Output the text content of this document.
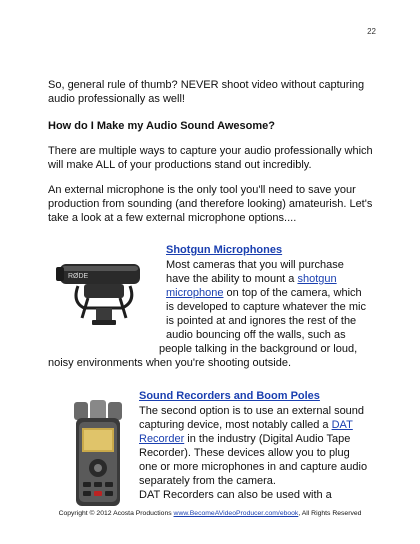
22

So, general rule of thumb? NEVER shoot video without capturing audio professionally as well!

How do I Make my Audio Sound Awesome?

There are multiple ways to capture your audio professionally which will make ALL of your productions stand out incredibly.

An external microphone is the only tool you'll need to save your production from sounding (and therefore looking) amateurish. Let's take a look at a few external microphone options....

RØDE
Shotgun Microphones

Most cameras that you will purchase

have the ability to mount a shotgun

microphone on top of the camera, which

is developed to capture whatever the mic

is pointed at and ignores the rest of the

audio bouncing off the walls, such as

people talking in the background or loud,

noisy environments when you're shooting outside.

Sound Recorders and Boom Poles

The second option is to use an external sound

capturing device, most notably called a DAT

Recorder in the industry (Digital Audio Tape

Recorder). These devices allow you to plug

one or more microphones in and capture audio

separately from the camera.

DAT Recorders can also be used with a

Copyright © 2012 Acosta Productions www.BecomeAVideoProducer.com/ebook, All Rights Reserved
